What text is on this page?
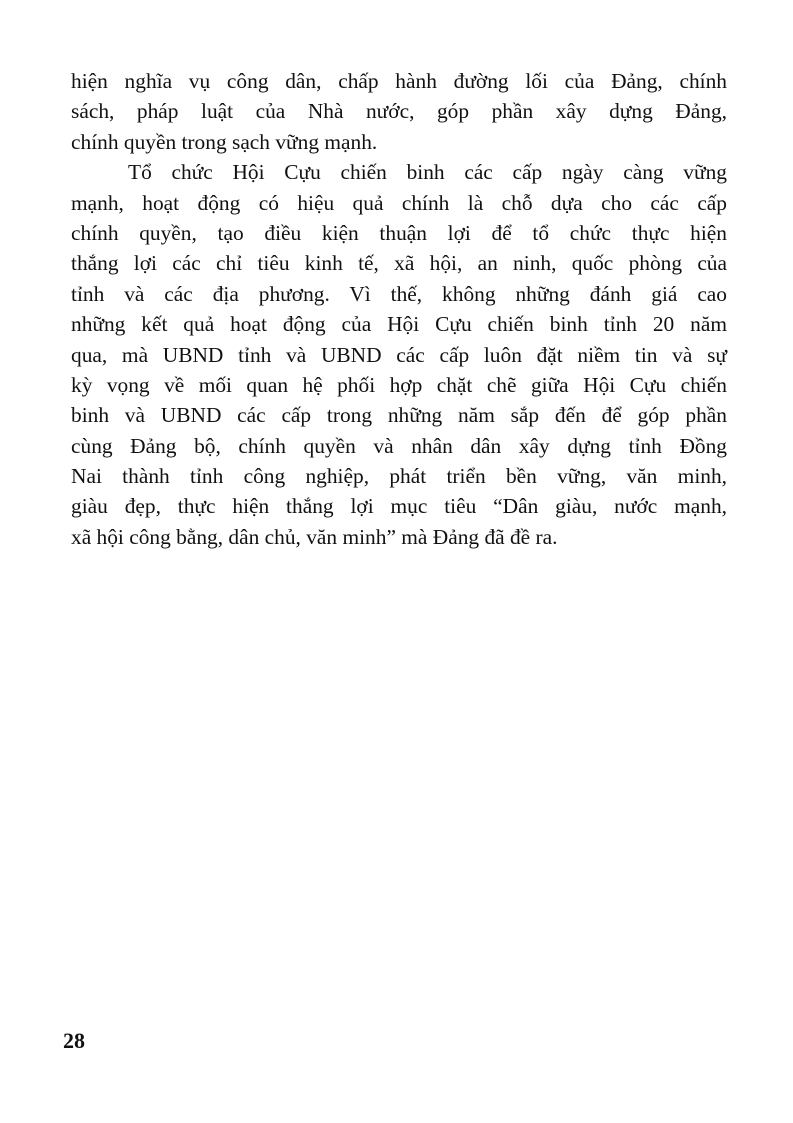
hiện nghĩa vụ công dân, chấp hành đường lối của Đảng, chính
sách, pháp luật của Nhà nước, góp phần xây dựng Đảng,
chính quyền trong sạch vững mạnh.
Tổ chức Hội Cựu chiến binh các cấp ngày càng vững
mạnh, hoạt động có hiệu quả chính là chỗ dựa cho các cấp
chính quyền, tạo điều kiện thuận lợi để tổ chức thực hiện
thắng lợi các chỉ tiêu kinh tế, xã hội, an ninh, quốc phòng của
tỉnh và các địa phương. Vì thế, không những đánh giá cao
những kết quả hoạt động của Hội Cựu chiến binh tỉnh 20 năm
qua, mà UBND tỉnh và UBND các cấp luôn đặt niềm tin và sự
kỳ vọng về mối quan hệ phối hợp chặt chẽ giữa Hội Cựu chiến
binh và UBND các cấp trong những năm sắp đến để góp phần
cùng Đảng bộ, chính quyền và nhân dân xây dựng tỉnh Đồng
Nai thành tỉnh công nghiệp, phát triển bền vững, văn minh,
giàu đẹp, thực hiện thắng lợi mục tiêu “Dân giàu, nước mạnh,
xã hội công bằng, dân chủ, văn minh” mà Đảng đã đề ra.
28
